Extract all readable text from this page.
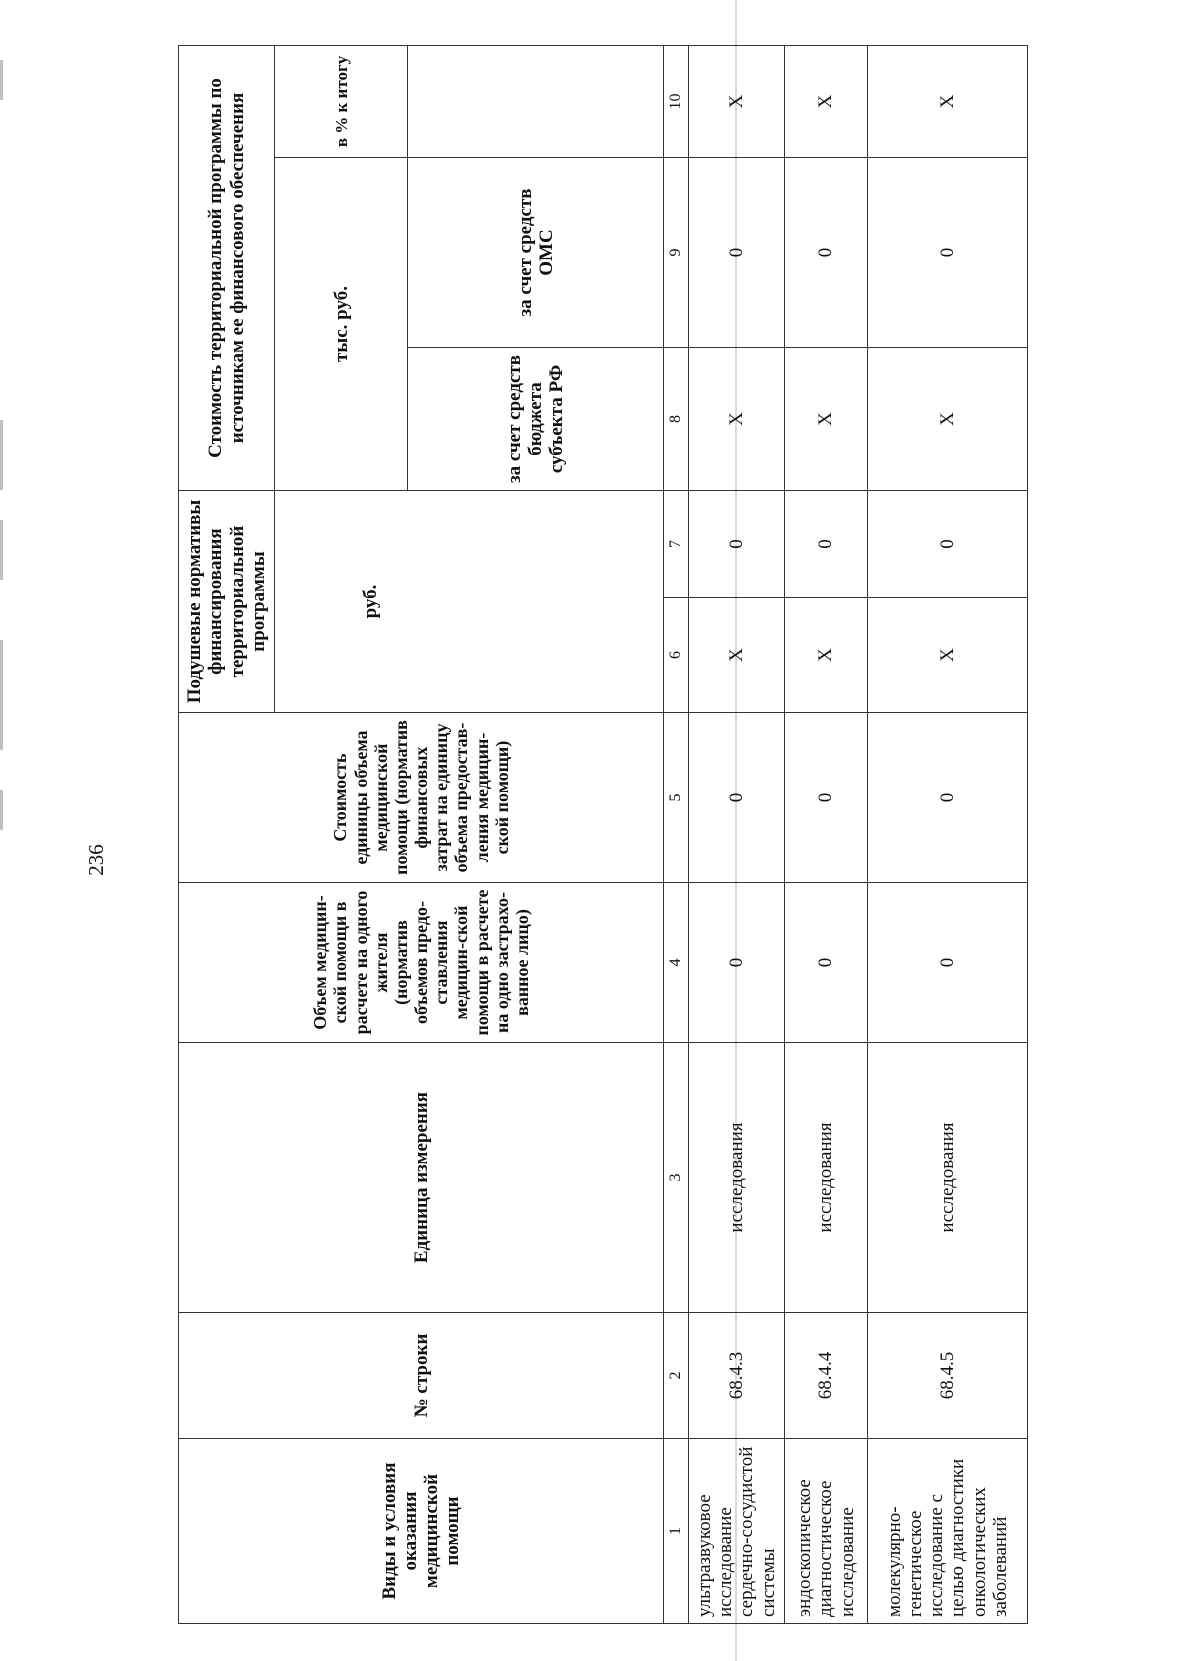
236
Виды и условия оказания медицинской помощи	№ строки	Единица измерения	Объем медицин-ской помощи в расчете на одного жителя (норматив объемов предо-ставления медицин-ской помощи в расчете на одно застрахо-ванное лицо)	Стоимость единицы объема медицинской помощи (норматив финансовых затрат на единицу объема предостав-ления медицин-ской помощи)	Подушевые нормативы финансирования территориальной программы		Стоимость территориальной программы по источникам ее финансового обеспечения		
					руб.		тыс. руб.		в % к итогу
							за счет средств бюджета субъекта РФ	за счет средств ОМС	
1	2	3	4	5	6	7	8	9	10
ультразвуковое исследование сердечно-сосудистой системы	68.4.3	исследования	0	0	X	0	X	0	X
эндоскопическое диагностическое исследование	68.4.4	исследования	0	0	X	0	X	0	X
молекулярно-генетическое исследование с целью диагностики онкологических заболеваний	68.4.5	исследования	0	0	X	0	X	0	X
